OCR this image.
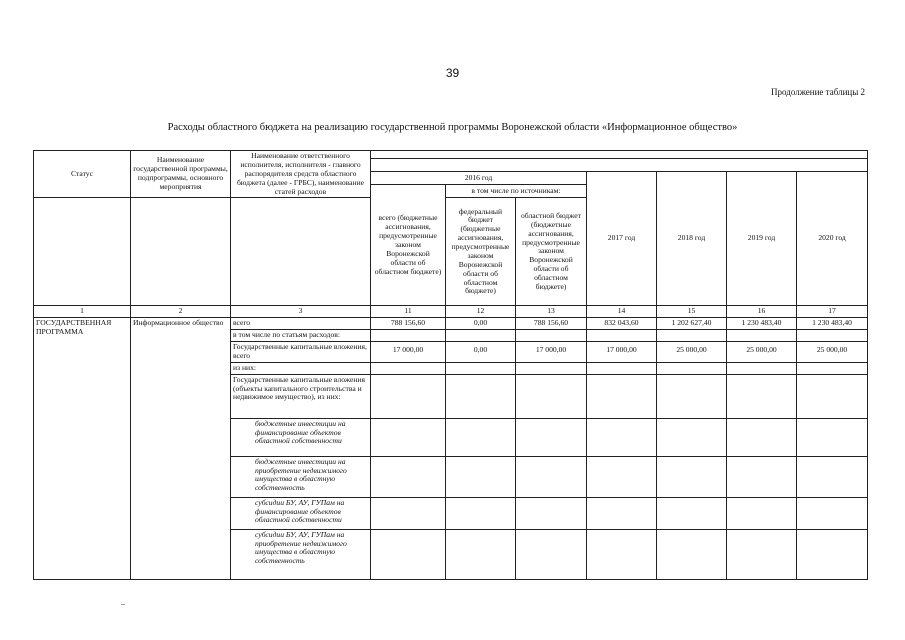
39
Продолжение таблицы 2
Расходы областного бюджета на реализацию государственной программы Воронежской области «Информационное общество»
Статус	Наименование государственной программы, подпрограммы, основного мероприятия	Наименование ответственного исполнителя, исполнителя - главного распорядителя средств областного бюджета (далее - ГРБС), наименование статей расходов							

			2016 год			2017 год	2018 год	2019 год	2020 год
			всего (бюджетные ассигнования, предусмотренные законом Воронежской области об областном бюджете)	в том числе по источникам:					
				федеральный бюджет (бюджетные ассигнования, предусмотренные законом Воронежской области об областном бюджете)	областной бюджет (бюджетные ассигнования, предусмотренные законом Воронежской области об областном бюджете)				
1	2	3	11	12	13	14	15	16	17
ГОСУДАРСТВЕННАЯ ПРОГРАММА	Информационное общество	всего	788 156,60	0,00	788 156,60	832 043,60	1 202 627,40	1 230 483,40	1 230 483,40
		в том числе по статьям расходов:							
		Государственные капитальные вложения, всего	17 000,00	0,00	17 000,00	17 000,00	25 000,00	25 000,00	25 000,00
		из них:							
		Государственные капитальные вложения (объекты капитального строительства и недвижимое имущество), из них:							
		бюджетные инвестиции на финансирование объектов областной собственности							
		бюджетные инвестиции на приобретение недвижимого имущества в областную собственность							
		субсидии БУ, АУ, ГУПам на финансирование объектов областной собственности							
		субсидии БУ, АУ, ГУПам на приобретение недвижимого имущества в областную собственность							
